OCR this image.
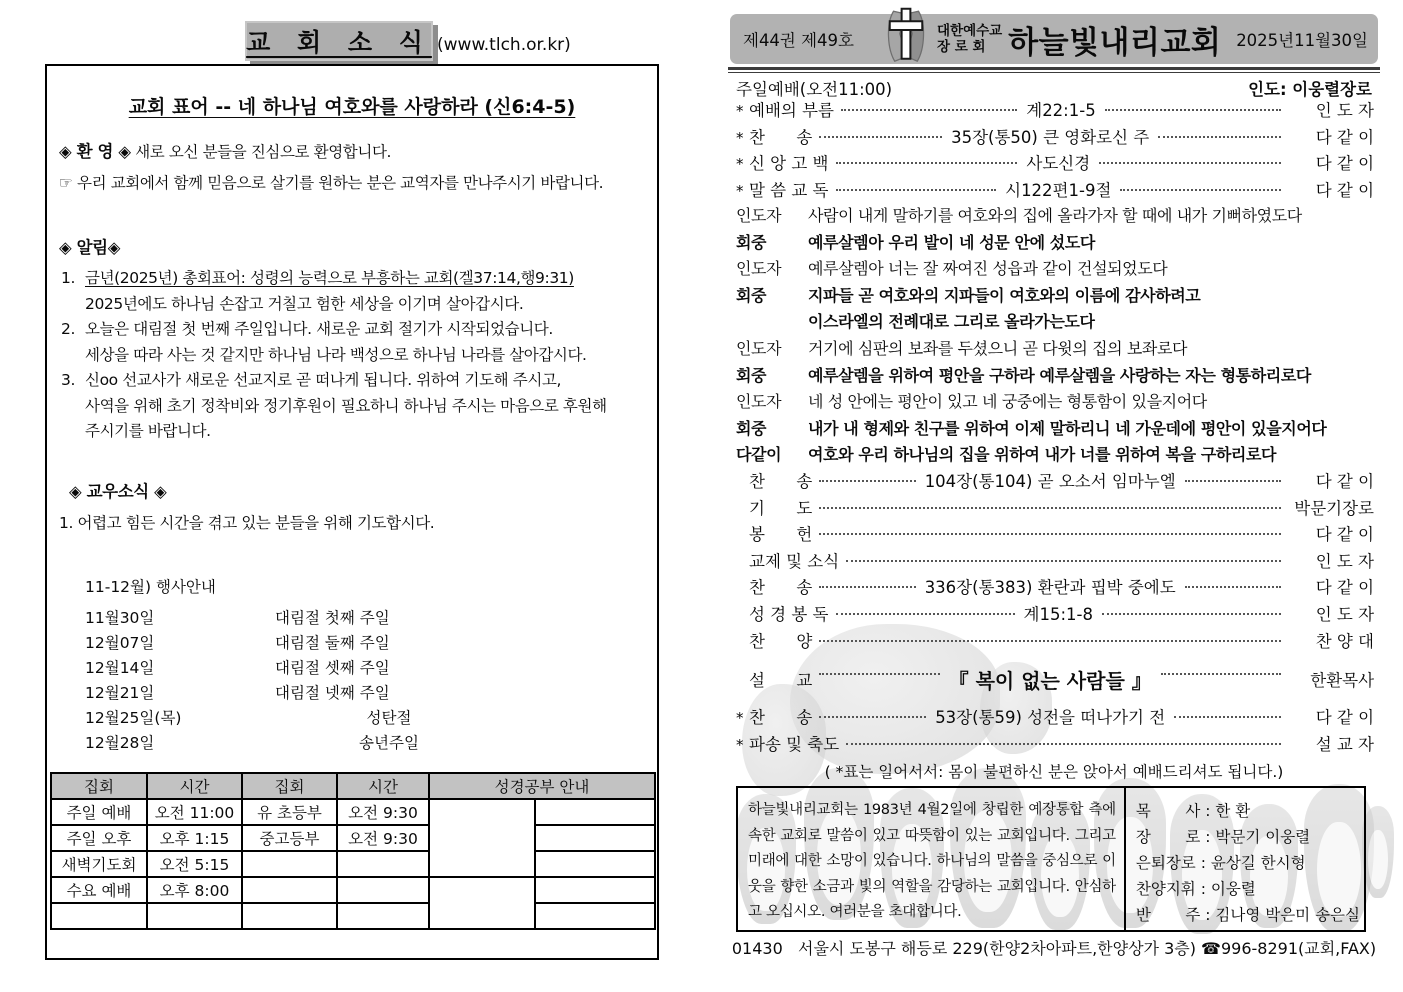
교 회 소 식 (www.tlch.or.kr)
교회 표어 -- 네 하나님 여호와를 사랑하라 (신6:4-5)
◈ 환 영 ◈ 새로 오신 분들을 진심으로 환영합니다.
☞ 우리 교회에서 함께 믿음으로 살기를 원하는 분은 교역자를 만나주시기 바랍니다.
◈ 알림◈
1. 금년(2025년) 총회표어: 성령의 능력으로 부흥하는 교회(겔37:14,행9:31)
2025년에도 하나님 손잡고 거칠고 험한 세상을 이기며 살아갑시다.
2. 오늘은 대림절 첫 번째 주일입니다. 새로운 교회 절기가 시작되었습니다.
세상을 따라 사는 것 같지만 하나님 나라 백성으로 하나님 나라를 살아갑시다.
3. 신oo 선교사가 새로운 선교지로 곧 떠나게 됩니다. 위하여 기도해 주시고,
사역을 위해 초기 정착비와 정기후원이 필요하니 하나님 주시는 마음으로 후원해
주시기를 바랍니다.
◈ 교우소식 ◈
1. 어렵고 힘든 시간을 겪고 있는 분들을 위해 기도합시다.
11-12월) 행사안내
11월30일	대림절 첫째 주일
12월07일	대림절 둘째 주일
12월14일	대림절 셋째 주일
12월21일	대림절 넷째 주일
12월25일(목)	성탄절
12월28일	송년주일
집회	시간	집회	시간	성경공부 안내	
주일 예배	오전 11:00	유 초등부	오전 9:30		
주일 오후	오후 1:15	중고등부	오전 9:30		
새벽기도회	오전 5:15				
수요 예배	오후 8:00				

제44권 제49호	대한예수교
장 로 회 하늘빛내리교회 2025년11월30일
주일예배(오전11:00)	인도: 이웅렬장로
* 예배의 부름	계22:1-5	인 도 자
* 찬      송	35장(통50) 큰 영화로신 주	다 같 이
* 신 앙 고 백	사도신경	다 같 이
* 말 씀 교 독	시122편1-9절	다 같 이
인도자	사람이 내게 말하기를 여호와의 집에 올라가자 할 때에 내가 기뻐하였도다
회중	예루살렘아 우리 발이 네 성문 안에 섰도다
인도자	예루살렘아 너는 잘 짜여진 성읍과 같이 건설되었도다
회중	지파들 곧 여호와의 지파들이 여호와의 이름에 감사하려고
이스라엘의 전례대로 그리로 올라가는도다
인도자	거기에 심판의 보좌를 두셨으니 곧 다윗의 집의 보좌로다
회중	예루살렘을 위하여 평안을 구하라 예루살렘을 사랑하는 자는 형통하리로다
인도자	네 성 안에는 평안이 있고 네 궁중에는 형통함이 있을지어다
회중	내가 내 형제와 친구를 위하여 이제 말하리니 네 가운데에 평안이 있을지어다
다같이	여호와 우리 하나님의 집을 위하여 내가 너를 위하여 복을 구하리로다
찬      송	104장(통104) 곧 오소서 임마누엘	다 같 이
기      도	박문기장로
봉      헌	다 같 이
교제 및 소식	인 도 자
찬      송	336장(통383) 환란과 핍박 중에도	다 같 이
성 경 봉 독	계15:1-8	인 도 자
찬      양	찬 양 대
설      교	『 복이 없는 사람들 』	한환목사
* 찬      송	53장(통59) 성전을 떠나가기 전	다 같 이
* 파송 및 축도	설 교 자
( *표는 일어서서: 몸이 불편하신 분은 앉아서 예배드리셔도 됩니다.)
하늘빛내리교회는 1983년 4월2일에 창립한 예장통합 측에 속한 교회로 말씀이 있고 따뜻함이 있는 교회입니다. 그리고 미래에 대한 소망이 있습니다. 하나님의 말씀을 중심으로 이웃을 향한 소금과 빛의 역할을 감당하는 교회입니다. 안심하고 오십시오. 여러분을 초대합니다.
목       사 : 한 환
장       로 : 박문기 이웅렬
은퇴장로 : 윤상길 한시형
찬양지휘 : 이웅렬
반       주 : 김나영 박은미 송은실
01430   서울시 도봉구 해등로 229(한양2차아파트,한양상가 3층) ☎996-8291(교회,FAX)
